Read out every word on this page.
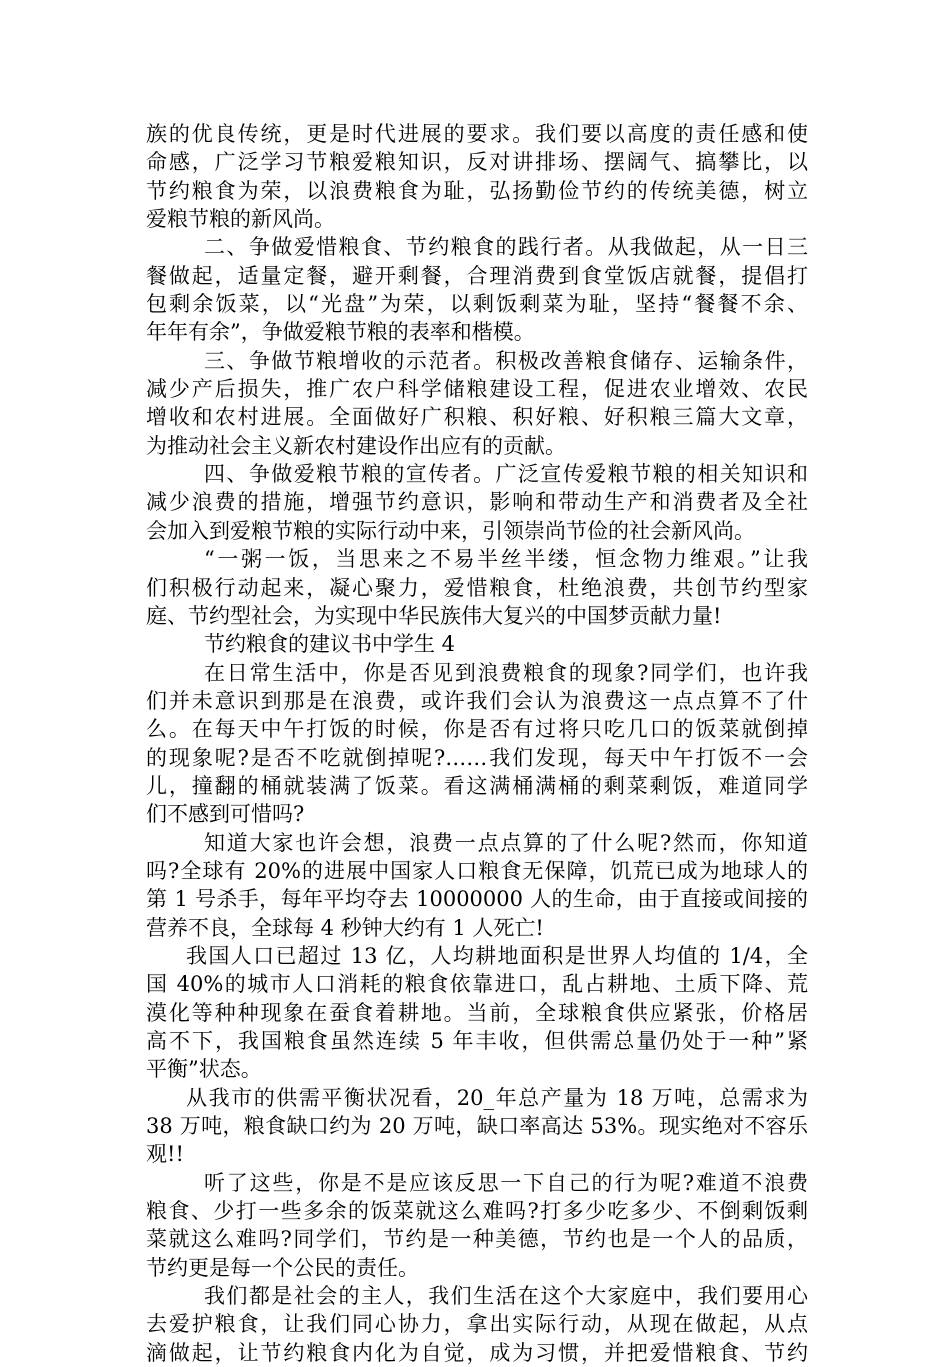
族的优良传统，更是时代进展的要求。我们要以高度的责任感和使
命感，广泛学习节粮爱粮知识，反对讲排场、摆阔气、搞攀比，以
节约粮食为荣，以浪费粮食为耻，弘扬勤俭节约的传统美德，树立
爱粮节粮的新风尚。
二、争做爱惜粮食、节约粮食的践行者。从我做起，从一日三
餐做起，适量定餐，避开剩餐，合理消费到食堂饭店就餐，提倡打
包剩余饭菜，以“光盘”为荣，以剩饭剩菜为耻，坚持“餐餐不余、
年年有余”，争做爱粮节粮的表率和楷模。
三、争做节粮增收的示范者。积极改善粮食储存、运输条件，
减少产后损失，推广农户科学储粮建设工程，促进农业增效、农民
增收和农村进展。全面做好广积粮、积好粮、好积粮三篇大文章，
为推动社会主义新农村建设作出应有的贡献。
四、争做爱粮节粮的宣传者。广泛宣传爱粮节粮的相关知识和
减少浪费的措施，增强节约意识，影响和带动生产和消费者及全社
会加入到爱粮节粮的实际行动中来，引领崇尚节俭的社会新风尚。
“一粥一饭，当思来之不易半丝半缕，恒念物力维艰。”让我
们积极行动起来，凝心聚力，爱惜粮食，杜绝浪费，共创节约型家
庭、节约型社会，为实现中华民族伟大复兴的中国梦贡献力量!
节约粮食的建议书中学生 4
在日常生活中，你是否见到浪费粮食的现象?同学们，也许我
们并未意识到那是在浪费，或许我们会认为浪费这一点点算不了什
么。在每天中午打饭的时候，你是否有过将只吃几口的饭菜就倒掉
的现象呢?是否不吃就倒掉呢?……我们发现，每天中午打饭不一会
儿，撞翻的桶就装满了饭菜。看这满桶满桶的剩菜剩饭，难道同学
们不感到可惜吗?
知道大家也许会想，浪费一点点算的了什么呢?然而，你知道
吗?全球有 20%的进展中国家人口粮食无保障，饥荒已成为地球人的
第 1 号杀手，每年平均夺去 10000000 人的生命，由于直接或间接的
营养不良，全球每 4 秒钟大约有 1 人死亡!
我国人口已超过 13 亿，人均耕地面积是世界人均值的 1/4，全
国 40%的城市人口消耗的粮食依靠进口，乱占耕地、土质下降、荒
漠化等种种现象在蚕食着耕地。当前，全球粮食供应紧张，价格居
高不下，我国粮食虽然连续 5 年丰收，但供需总量仍处于一种”紧
平衡”状态。
从我市的供需平衡状况看，20_年总产量为 18 万吨，总需求为
38 万吨，粮食缺口约为 20 万吨，缺口率高达 53%。现实绝对不容乐
观!!
听了这些，你是不是应该反思一下自己的行为呢?难道不浪费
粮食、少打一些多余的饭菜就这么难吗?打多少吃多少、不倒剩饭剩
菜就这么难吗?同学们，节约是一种美德，节约也是一个人的品质，
节约更是每一个公民的责任。
我们都是社会的主人，我们生活在这个大家庭中，我们要用心
去爱护粮食，让我们同心协力，拿出实际行动，从现在做起，从点
滴做起，让节约粮食内化为自觉，成为习惯，并把爱惜粮食、节约
